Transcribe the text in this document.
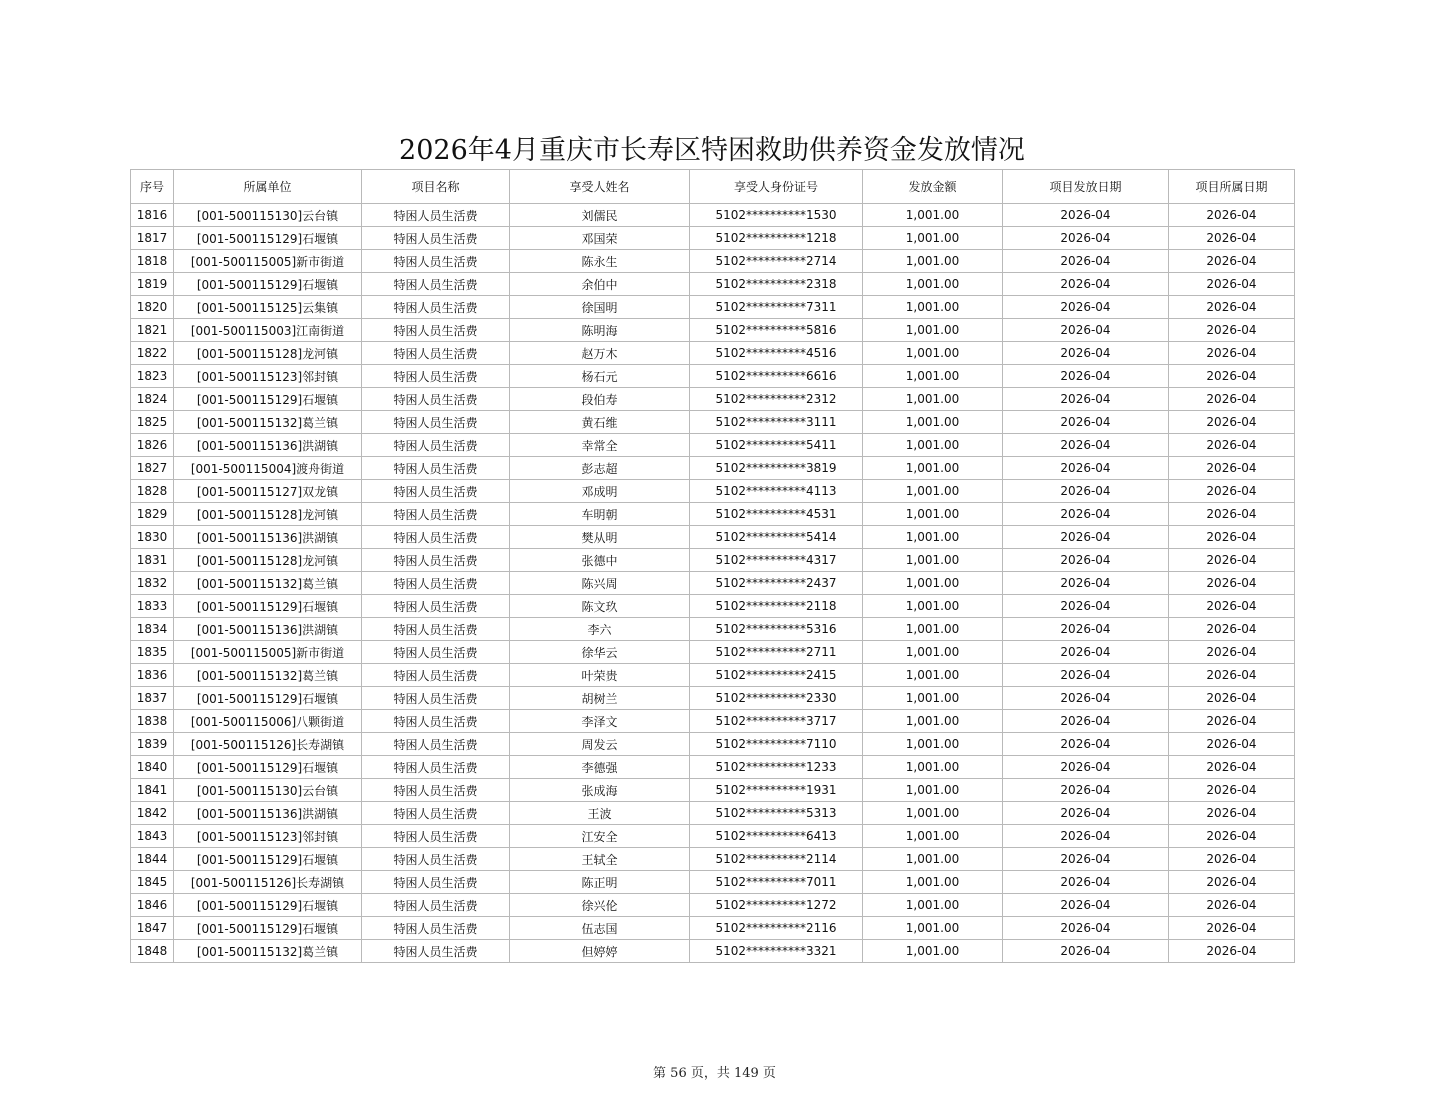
2026年4月重庆市长寿区特困救助供养资金发放情况
序号	所属单位	项目名称	享受人姓名	享受人身份证号	发放金额	项目发放日期	项目所属日期
1816	[001-500115130]云台镇	特困人员生活费	刘儒民	5102**********1530	1,001.00	2026-04	2026-04
1817	[001-500115129]石堰镇	特困人员生活费	邓国荣	5102**********1218	1,001.00	2026-04	2026-04
1818	[001-500115005]新市街道	特困人员生活费	陈永生	5102**********2714	1,001.00	2026-04	2026-04
1819	[001-500115129]石堰镇	特困人员生活费	余伯中	5102**********2318	1,001.00	2026-04	2026-04
1820	[001-500115125]云集镇	特困人员生活费	徐国明	5102**********7311	1,001.00	2026-04	2026-04
1821	[001-500115003]江南街道	特困人员生活费	陈明海	5102**********5816	1,001.00	2026-04	2026-04
1822	[001-500115128]龙河镇	特困人员生活费	赵万木	5102**********4516	1,001.00	2026-04	2026-04
1823	[001-500115123]邻封镇	特困人员生活费	杨石元	5102**********6616	1,001.00	2026-04	2026-04
1824	[001-500115129]石堰镇	特困人员生活费	段伯寿	5102**********2312	1,001.00	2026-04	2026-04
1825	[001-500115132]葛兰镇	特困人员生活费	黄石维	5102**********3111	1,001.00	2026-04	2026-04
1826	[001-500115136]洪湖镇	特困人员生活费	幸常全	5102**********5411	1,001.00	2026-04	2026-04
1827	[001-500115004]渡舟街道	特困人员生活费	彭志超	5102**********3819	1,001.00	2026-04	2026-04
1828	[001-500115127]双龙镇	特困人员生活费	邓成明	5102**********4113	1,001.00	2026-04	2026-04
1829	[001-500115128]龙河镇	特困人员生活费	车明朝	5102**********4531	1,001.00	2026-04	2026-04
1830	[001-500115136]洪湖镇	特困人员生活费	樊从明	5102**********5414	1,001.00	2026-04	2026-04
1831	[001-500115128]龙河镇	特困人员生活费	张德中	5102**********4317	1,001.00	2026-04	2026-04
1832	[001-500115132]葛兰镇	特困人员生活费	陈兴周	5102**********2437	1,001.00	2026-04	2026-04
1833	[001-500115129]石堰镇	特困人员生活费	陈文玖	5102**********2118	1,001.00	2026-04	2026-04
1834	[001-500115136]洪湖镇	特困人员生活费	李六	5102**********5316	1,001.00	2026-04	2026-04
1835	[001-500115005]新市街道	特困人员生活费	徐华云	5102**********2711	1,001.00	2026-04	2026-04
1836	[001-500115132]葛兰镇	特困人员生活费	叶荣贵	5102**********2415	1,001.00	2026-04	2026-04
1837	[001-500115129]石堰镇	特困人员生活费	胡树兰	5102**********2330	1,001.00	2026-04	2026-04
1838	[001-500115006]八颗街道	特困人员生活费	李泽文	5102**********3717	1,001.00	2026-04	2026-04
1839	[001-500115126]长寿湖镇	特困人员生活费	周发云	5102**********7110	1,001.00	2026-04	2026-04
1840	[001-500115129]石堰镇	特困人员生活费	李德强	5102**********1233	1,001.00	2026-04	2026-04
1841	[001-500115130]云台镇	特困人员生活费	张成海	5102**********1931	1,001.00	2026-04	2026-04
1842	[001-500115136]洪湖镇	特困人员生活费	王波	5102**********5313	1,001.00	2026-04	2026-04
1843	[001-500115123]邻封镇	特困人员生活费	江安全	5102**********6413	1,001.00	2026-04	2026-04
1844	[001-500115129]石堰镇	特困人员生活费	王轼全	5102**********2114	1,001.00	2026-04	2026-04
1845	[001-500115126]长寿湖镇	特困人员生活费	陈正明	5102**********7011	1,001.00	2026-04	2026-04
1846	[001-500115129]石堰镇	特困人员生活费	徐兴伦	5102**********1272	1,001.00	2026-04	2026-04
1847	[001-500115129]石堰镇	特困人员生活费	伍志国	5102**********2116	1,001.00	2026-04	2026-04
1848	[001-500115132]葛兰镇	特困人员生活费	但婷婷	5102**********3321	1,001.00	2026-04	2026-04
第 56 页，共 149 页
